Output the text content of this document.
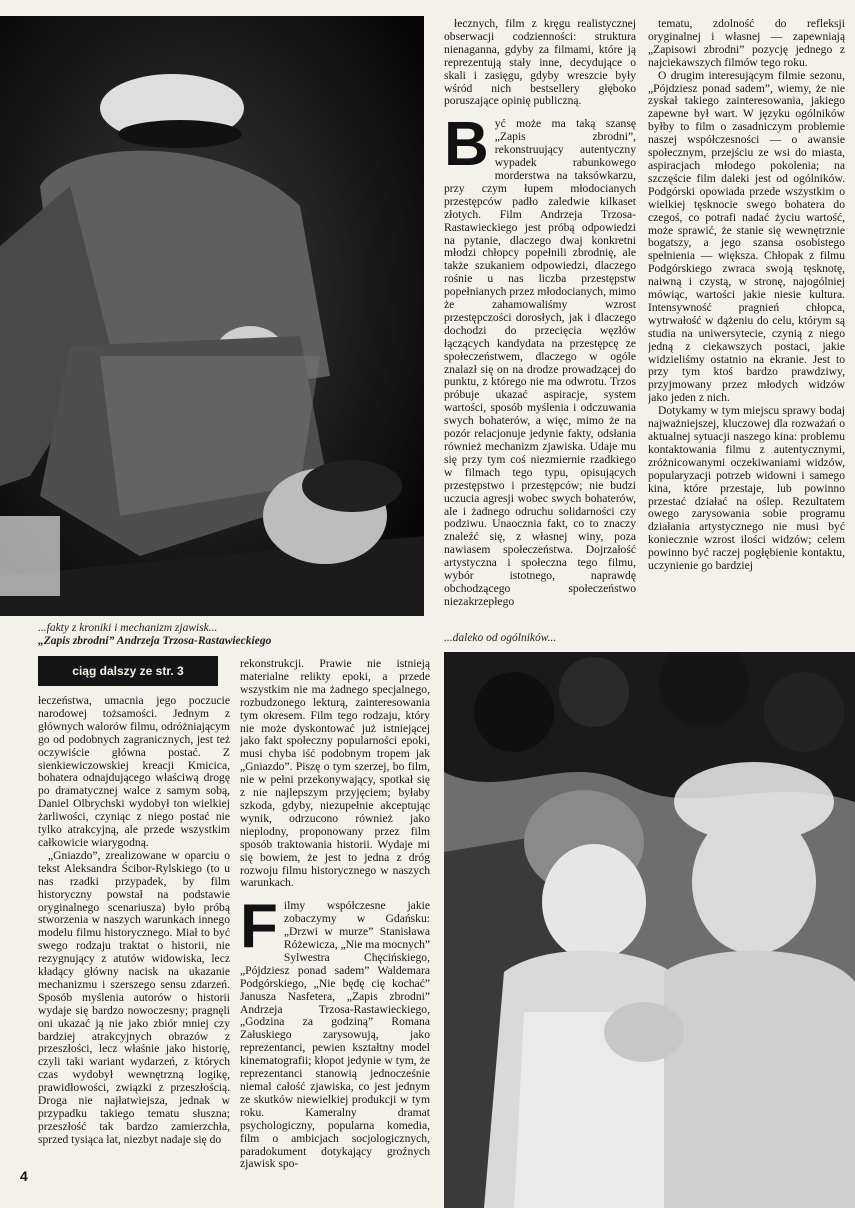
łecznych, film z kręgu realistycznej obserwacji codzienności: struktura nienaganna, gdyby za filmami, które ją reprezentują stały inne, decydujące o skali i zasięgu, gdyby wreszcie były wśród nich bestsellery głęboko poruszające opinię publiczną.

Być może ma taką szansę „Zapis zbrodni”, rekonstruujący autentyczny wypadek rabunkowego morderstwa na taksówkarzu, przy czym łupem młodocianych przestępców padło zaledwie kilkaset złotych. Film Andrzeja Trzosa-Rastawieckiego jest próbą odpowiedzi na pytanie, dlaczego dwaj konkretni młodzi chłopcy popełnili zbrodnię, ale także szukaniem odpowiedzi, dlaczego rośnie u nas liczba przestępstw popełnianych przez młodocianych, mimo że zahamowaliśmy wzrost przestępczości dorosłych, jak i dlaczego dochodzi do przecięcia węzłów łączących kandydata na przestępcę ze społeczeństwem, dlaczego w ogóle znalazł się on na drodze prowadzącej do punktu, z którego nie ma odwrotu. Trzos próbuje ukazać aspiracje, system wartości, sposób myślenia i odczuwania swych bohaterów, a więc, mimo że na pozór relacjonuje jedynie fakty, odsłania również mechanizm zjawiska. Udaje mu się przy tym coś niezmiernie rzadkiego w filmach tego typu, opisujących przestępstwo i przestępców; nie budzi uczucia agresji wobec swych bohaterów, ale i żadnego odruchu solidarności czy podziwu. Unaocznia fakt, co to znaczy znaleźć się, z własnej winy, poza nawiasem społeczeństwa. Dojrzałość artystyczna i społeczna tego filmu, wybór istotnego, naprawdę obchodzącego społeczeństwo niezakrzepłego

tematu, zdolność do refleksji oryginalnej i własnej — zapewniają „Zapisowi zbrodni” pozycję jednego z najciekawszych filmów tego roku.

O drugim interesującym filmie sezonu, „Pójdziesz ponad sadem”, wiemy, że nie zyskał takiego zainteresowania, jakiego zapewne był wart. W języku ogólników byłby to film o zasadniczym problemie naszej współczesności — o awansie społecznym, przejściu ze wsi do miasta, aspiracjach młodego pokolenia; na szczęście film daleki jest od ogólników. Podgórski opowiada przede wszystkim o wielkiej tęsknocie swego bohatera do czegoś, co potrafi nadać życiu wartość, może sprawić, że stanie się wewnętrznie bogatszy, a jego szansa osobistego spełnienia — większa. Chłopak z filmu Podgórskiego zwraca swoją tęsknotę, naiwną i czystą, w stronę, najogólniej mówiąc, wartości jakie niesie kultura. Intensywność pragnień chłopca, wytrwałość w dążeniu do celu, którym są studia na uniwersytecie, czynią z niego jedną z ciekawszych postaci, jakie widzieliśmy ostatnio na ekranie. Jest to przy tym ktoś bardzo prawdziwy, przyjmowany przez młodych widzów jako jeden z nich.

Dotykamy w tym miejscu sprawy bodaj najważniejszej, kluczowej dla rozważań o aktualnej sytuacji naszego kina: problemu kontaktowania filmu z autentycznymi, zróżnicowanymi oczekiwaniami widzów, popularyzacji potrzeb widowni i samego kina, które przestaje, lub powinno przestać działać na oślep. Rezultatem owego zarysowania sobie programu działania artystycznego nie musi być koniecznie wzrost ilości widzów; celem powinno być raczej pogłębienie kontaktu, uczynienie go bardziej

...fakty z kroniki i mechanizm zjawisk...
„Zapis zbrodni” Andrzeja Trzosa-Rastawieckiego	...daleko od ogólników...
ciąg dalszy ze str. 3

łeczeństwa, umacnia jego poczucie narodowej tożsamości. Jednym z głównych walorów filmu, odróżniającym go od podobnych zagranicznych, jest też oczywiście główna postać. Z sienkiewiczowskiej kreacji Kmicica, bohatera odnajdującego właściwą drogę po dramatycznej walce z samym sobą, Daniel Olbrychski wydobył ton wielkiej żarliwości, czyniąc z niego postać nie tylko atrakcyjną, ale przede wszystkim całkowicie wiarygodną.

„Gniazdo”, zrealizowane w oparciu o tekst Aleksandra Ścibor-Rylskiego (to u nas rzadki przypadek, by film historyczny powstał na podstawie oryginalnego scenariusza) było próbą stworzenia w naszych warunkach innego modelu filmu historycznego. Miał to być swego rodzaju traktat o historii, nie rezygnujący z atutów widowiska, lecz kładący główny nacisk na ukazanie mechanizmu i szerszego sensu zdarzeń. Sposób myślenia autorów o historii wydaje się bardzo nowoczesny; pragnęli oni ukazać ją nie jako zbiór mniej czy bardziej atrakcyjnych obrazów z przeszłości, lecz właśnie jako historię, czyli taki wariant wydarzeń, z których czas wydobył wewnętrzną logikę, prawidłowości, związki z przeszłością. Droga nie najłatwiejsza, jednak w przypadku takiego tematu słuszna; przeszłość tak bardzo zamierzchła, sprzed tysiąca lat, niezbyt nadaje się do

rekonstrukcji. Prawie nie istnieją materialne relikty epoki, a przede wszystkim nie ma żadnego specjalnego, rozbudzonego lekturą, zainteresowania tym okresem. Film tego rodzaju, który nie może dyskontować już istniejącej jako fakt społeczny popularności epoki, musi chyba iść podobnym tropem jak „Gniazdo”. Piszę o tym szerzej, bo film, nie w pełni przekonywający, spotkał się z nie najlepszym przyjęciem; byłaby szkoda, gdyby, niezupełnie akceptując wynik, odrzucono również jako nieplodny, proponowany przez film sposób traktowania historii. Wydaje mi się bowiem, że jest to jedna z dróg rozwoju filmu historycznego w naszych warunkach.

Filmy współczesne jakie zobaczymy w Gdańsku: „Drzwi w murze” Stanisława Różewicza, „Nie ma mocnych” Sylwestra Chęcińskiego, „Pójdziesz ponad sadem” Waldemara Podgórskiego, „Nie będę cię kochać” Janusza Nasfetera, „Zapis zbrodni” Andrzeja Trzosa-Rastawieckiego, „Godzina za godziną” Romana Załuskiego zarysowują, jako reprezentanci, pewien kształtny model kinematografii; kłopot jedynie w tym, że reprezentanci stanowią jednocześnie niemal całość zjawiska, co jest jednym ze skutków niewielkiej produkcji w tym roku. Kameralny dramat psychologiczny, popularna komedia, film o ambicjach socjologicznych, paradokument dotykający groźnych zjawisk spo-

4
